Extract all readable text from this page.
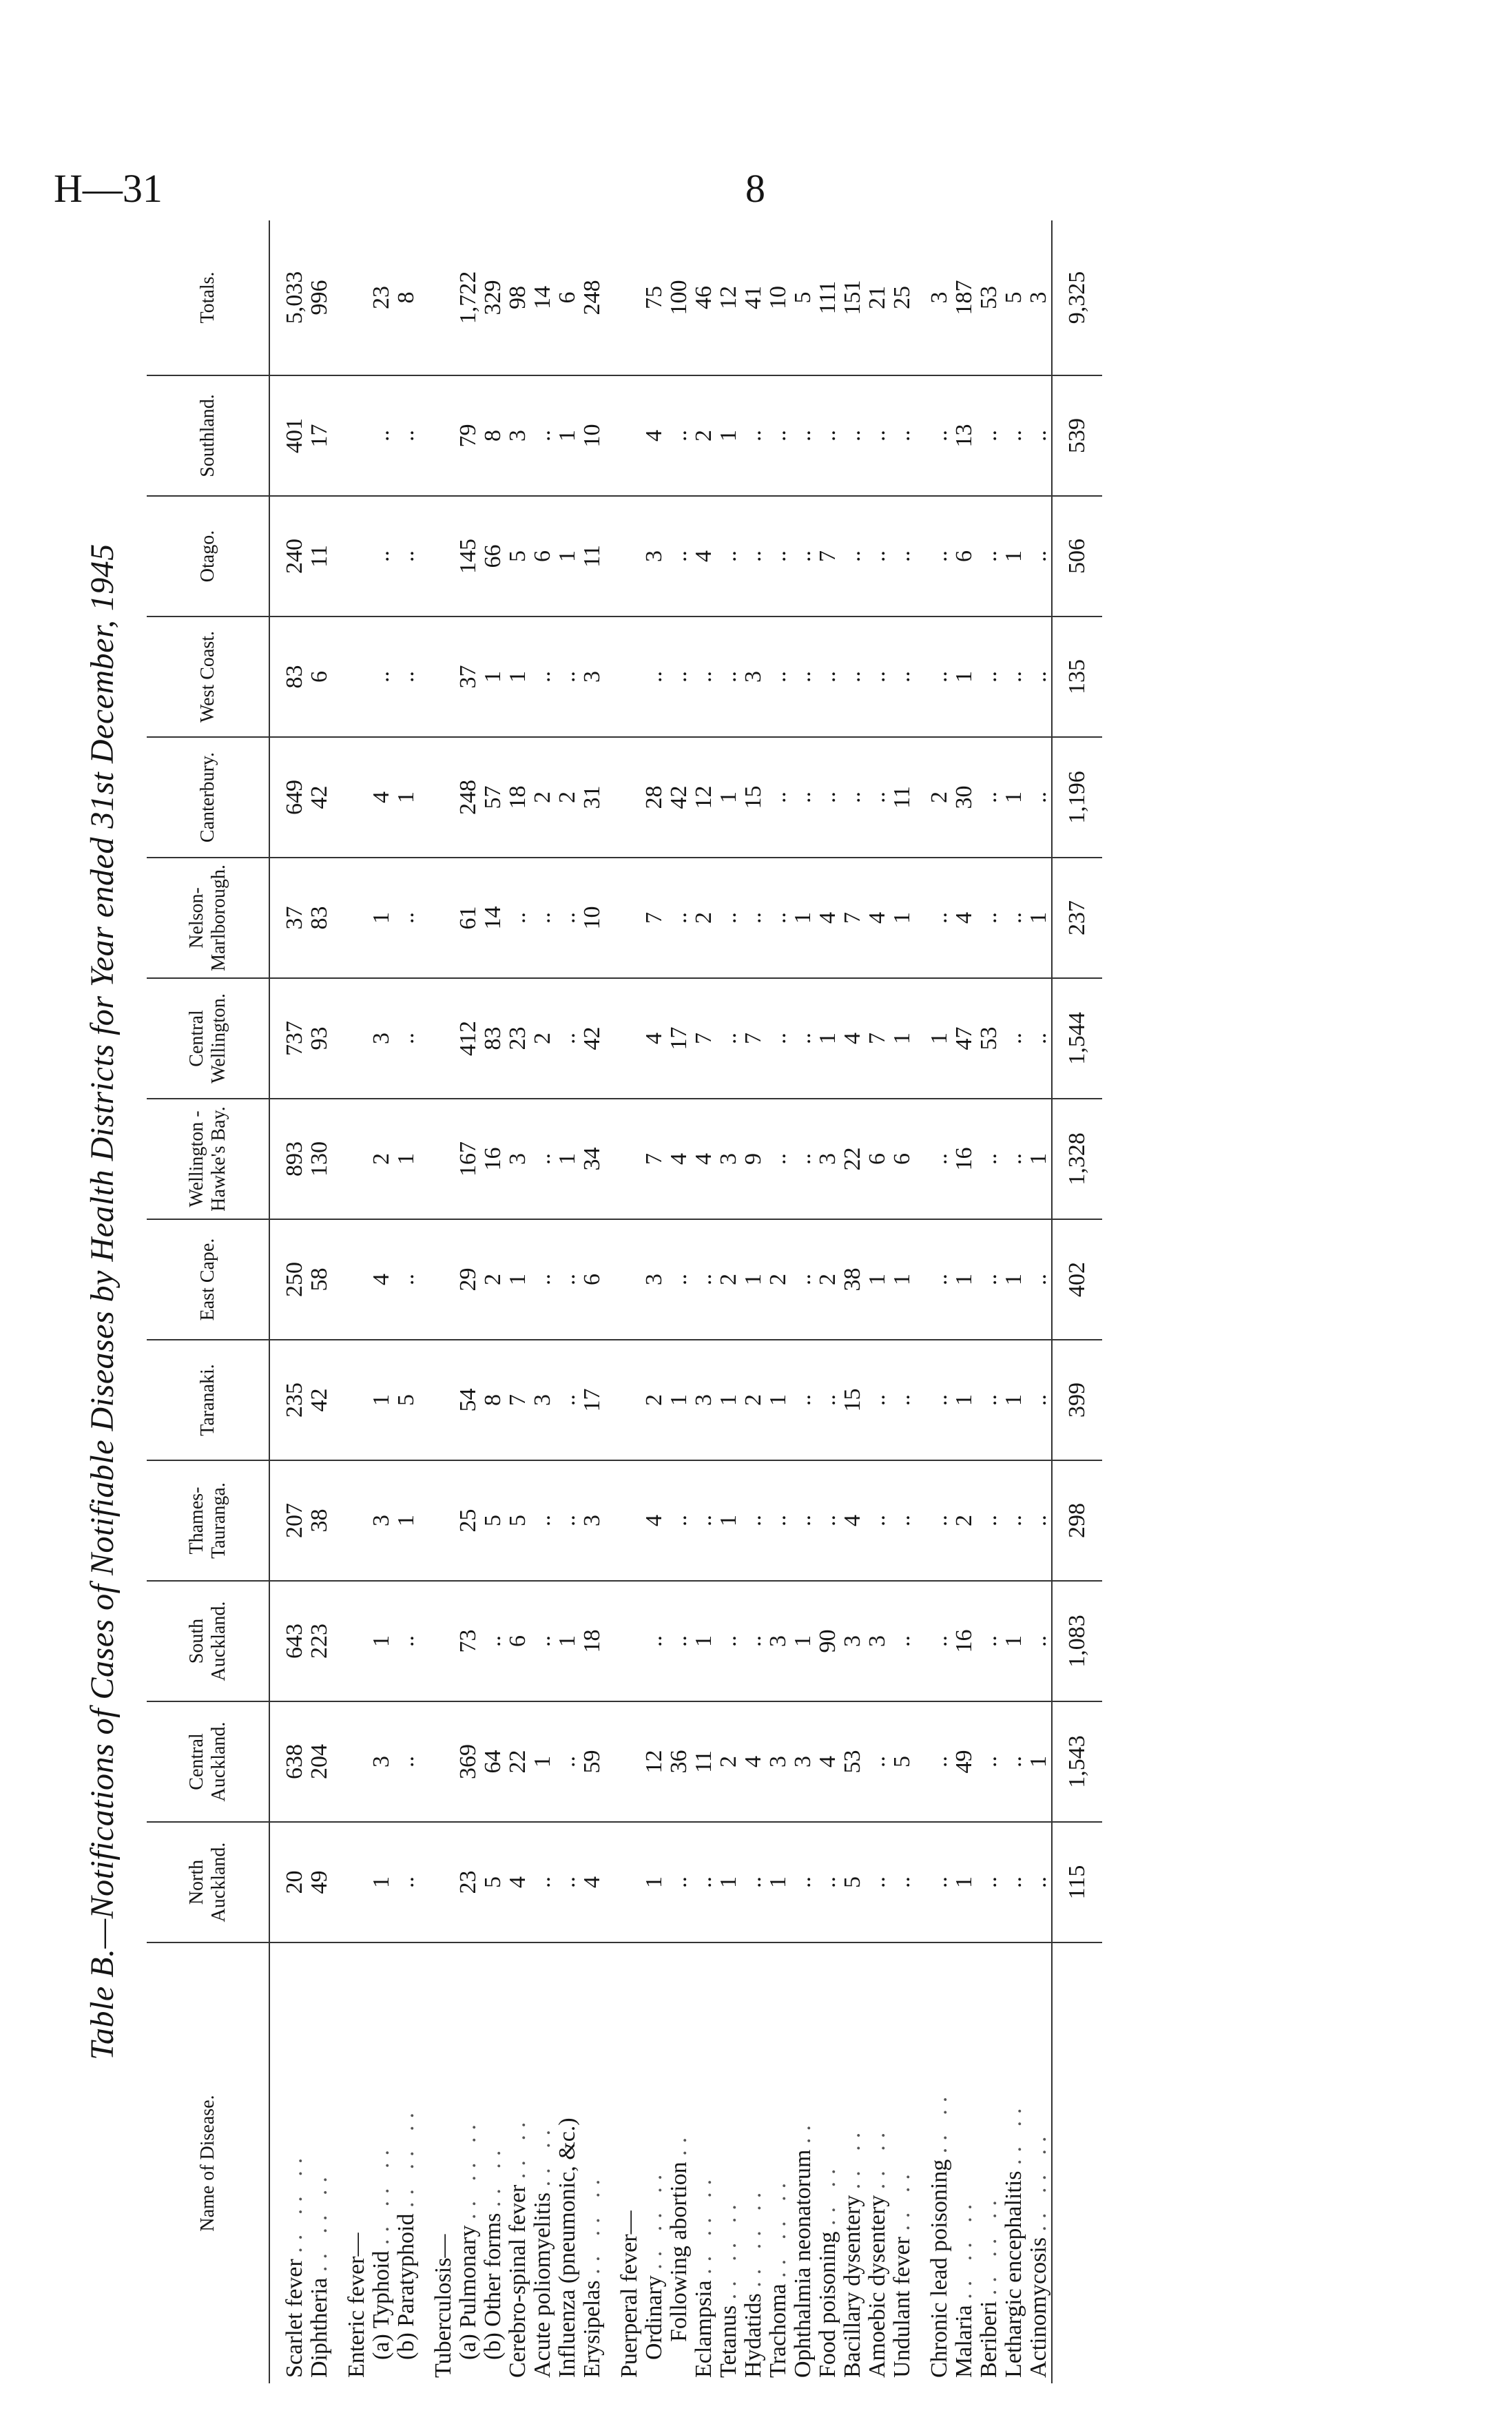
H—31	8
Table B.—Notifications of Cases of Notifiable Diseases by Health Districts for Year ended 31st December, 1945
Name of Disease.	North Auckland.	Central Auckland.	South Auckland.	Thames-Tauranga.	Taranaki.	East Cape.	Wellington - Hawke's Bay.	Central Wellington.	Nelson-Marlborough.	Canterbury.	West Coast.	Otago.	Southland.	Totals.

Scarlet fever .. .. ..	20	638	643	207	235	250	893	737	37	649	83	240	401	5,033
Diphtheria .. .. ..	49	204	223	38	42	58	130	93	83	42	6	11	17	996

Enteric fever—														
(a) Typhoid .. .. ..	1	3	1	3	1	4	2	3	1	4	..	..	..	23
(b) Paratyphoid .. .. ..	..	..	..	1	5	..	1	..	..	1	..	..	..	8

Tuberculosis—														
(a) Pulmonary .. .. ..	23	369	73	25	54	29	167	412	61	248	37	145	79	1,722
(b) Other forms .. ..	5	64	..	5	8	2	16	83	14	57	1	66	8	329
Cerebro-spinal fever .. ..	4	22	6	5	7	1	3	23	..	18	1	5	3	98
Acute poliomyelitis .. ..	..	1	..	..	3	..	..	2	..	2	..	6	..	14
Influenza (pneumonic, &c.)	..	..	1	..	..	..	1	..	..	2	..	1	1	6
Erysipelas .. .. ..	4	59	18	3	17	6	34	42	10	31	3	11	10	248

Puerperal fever—														
Ordinary .. .. ..	1	12	..	4	2	3	7	4	7	28	..	3	4	75
Following abortion ..	..	36	..	..	1	..	4	17	..	42	..	..	..	100
Eclampsia .. .. ..	..	11	1	..	3	..	4	7	2	12	..	4	2	46
Tetanus .. .. ..	1	2	..	1	1	2	3	..	..	1	..	..	1	12
Hydatids .. .. ..	..	4	..	..	2	1	9	7	..	15	3	..	..	41
Trachoma .. .. ..	1	3	3	..	1	2	..	..	..	..	..	..	..	10
Ophthalmia neonatorum ..	..	3	1	..	..	..	..	..	1	..	..	..	..	5
Food poisoning .. ..	..	4	90	..	..	2	3	1	4	..	..	7	..	111
Bacillary dysentery .. ..	5	53	3	4	15	38	22	4	7	..	..	..	..	151
Amoebic dysentery .. ..	..	..	3	..	..	1	6	7	4	..	..	..	..	21
Undulant fever .. ..	..	5	..	..	..	1	6	1	1	11	..	..	..	25

Chronic lead poisoning .. ..	..	..	..	..	..	..	..	1	..	2	..	..	..	3
Malaria .. .. ..	1	49	16	2	1	1	16	47	4	30	1	6	13	187
Beriberi .. .. ..	..	..	..	..	..	..	..	53	..	..	..	..	..	53
Lethargic encephalitis .. ..	..	..	1	..	1	1	..	..	..	1	..	1	..	5
Actinomycosis .. .. ..	..	1	..	..	..	..	1	..	1	..	..	..	..	3
	115	1,543	1,083	298	399	402	1,328	1,544	237	1,196	135	506	539	9,325
